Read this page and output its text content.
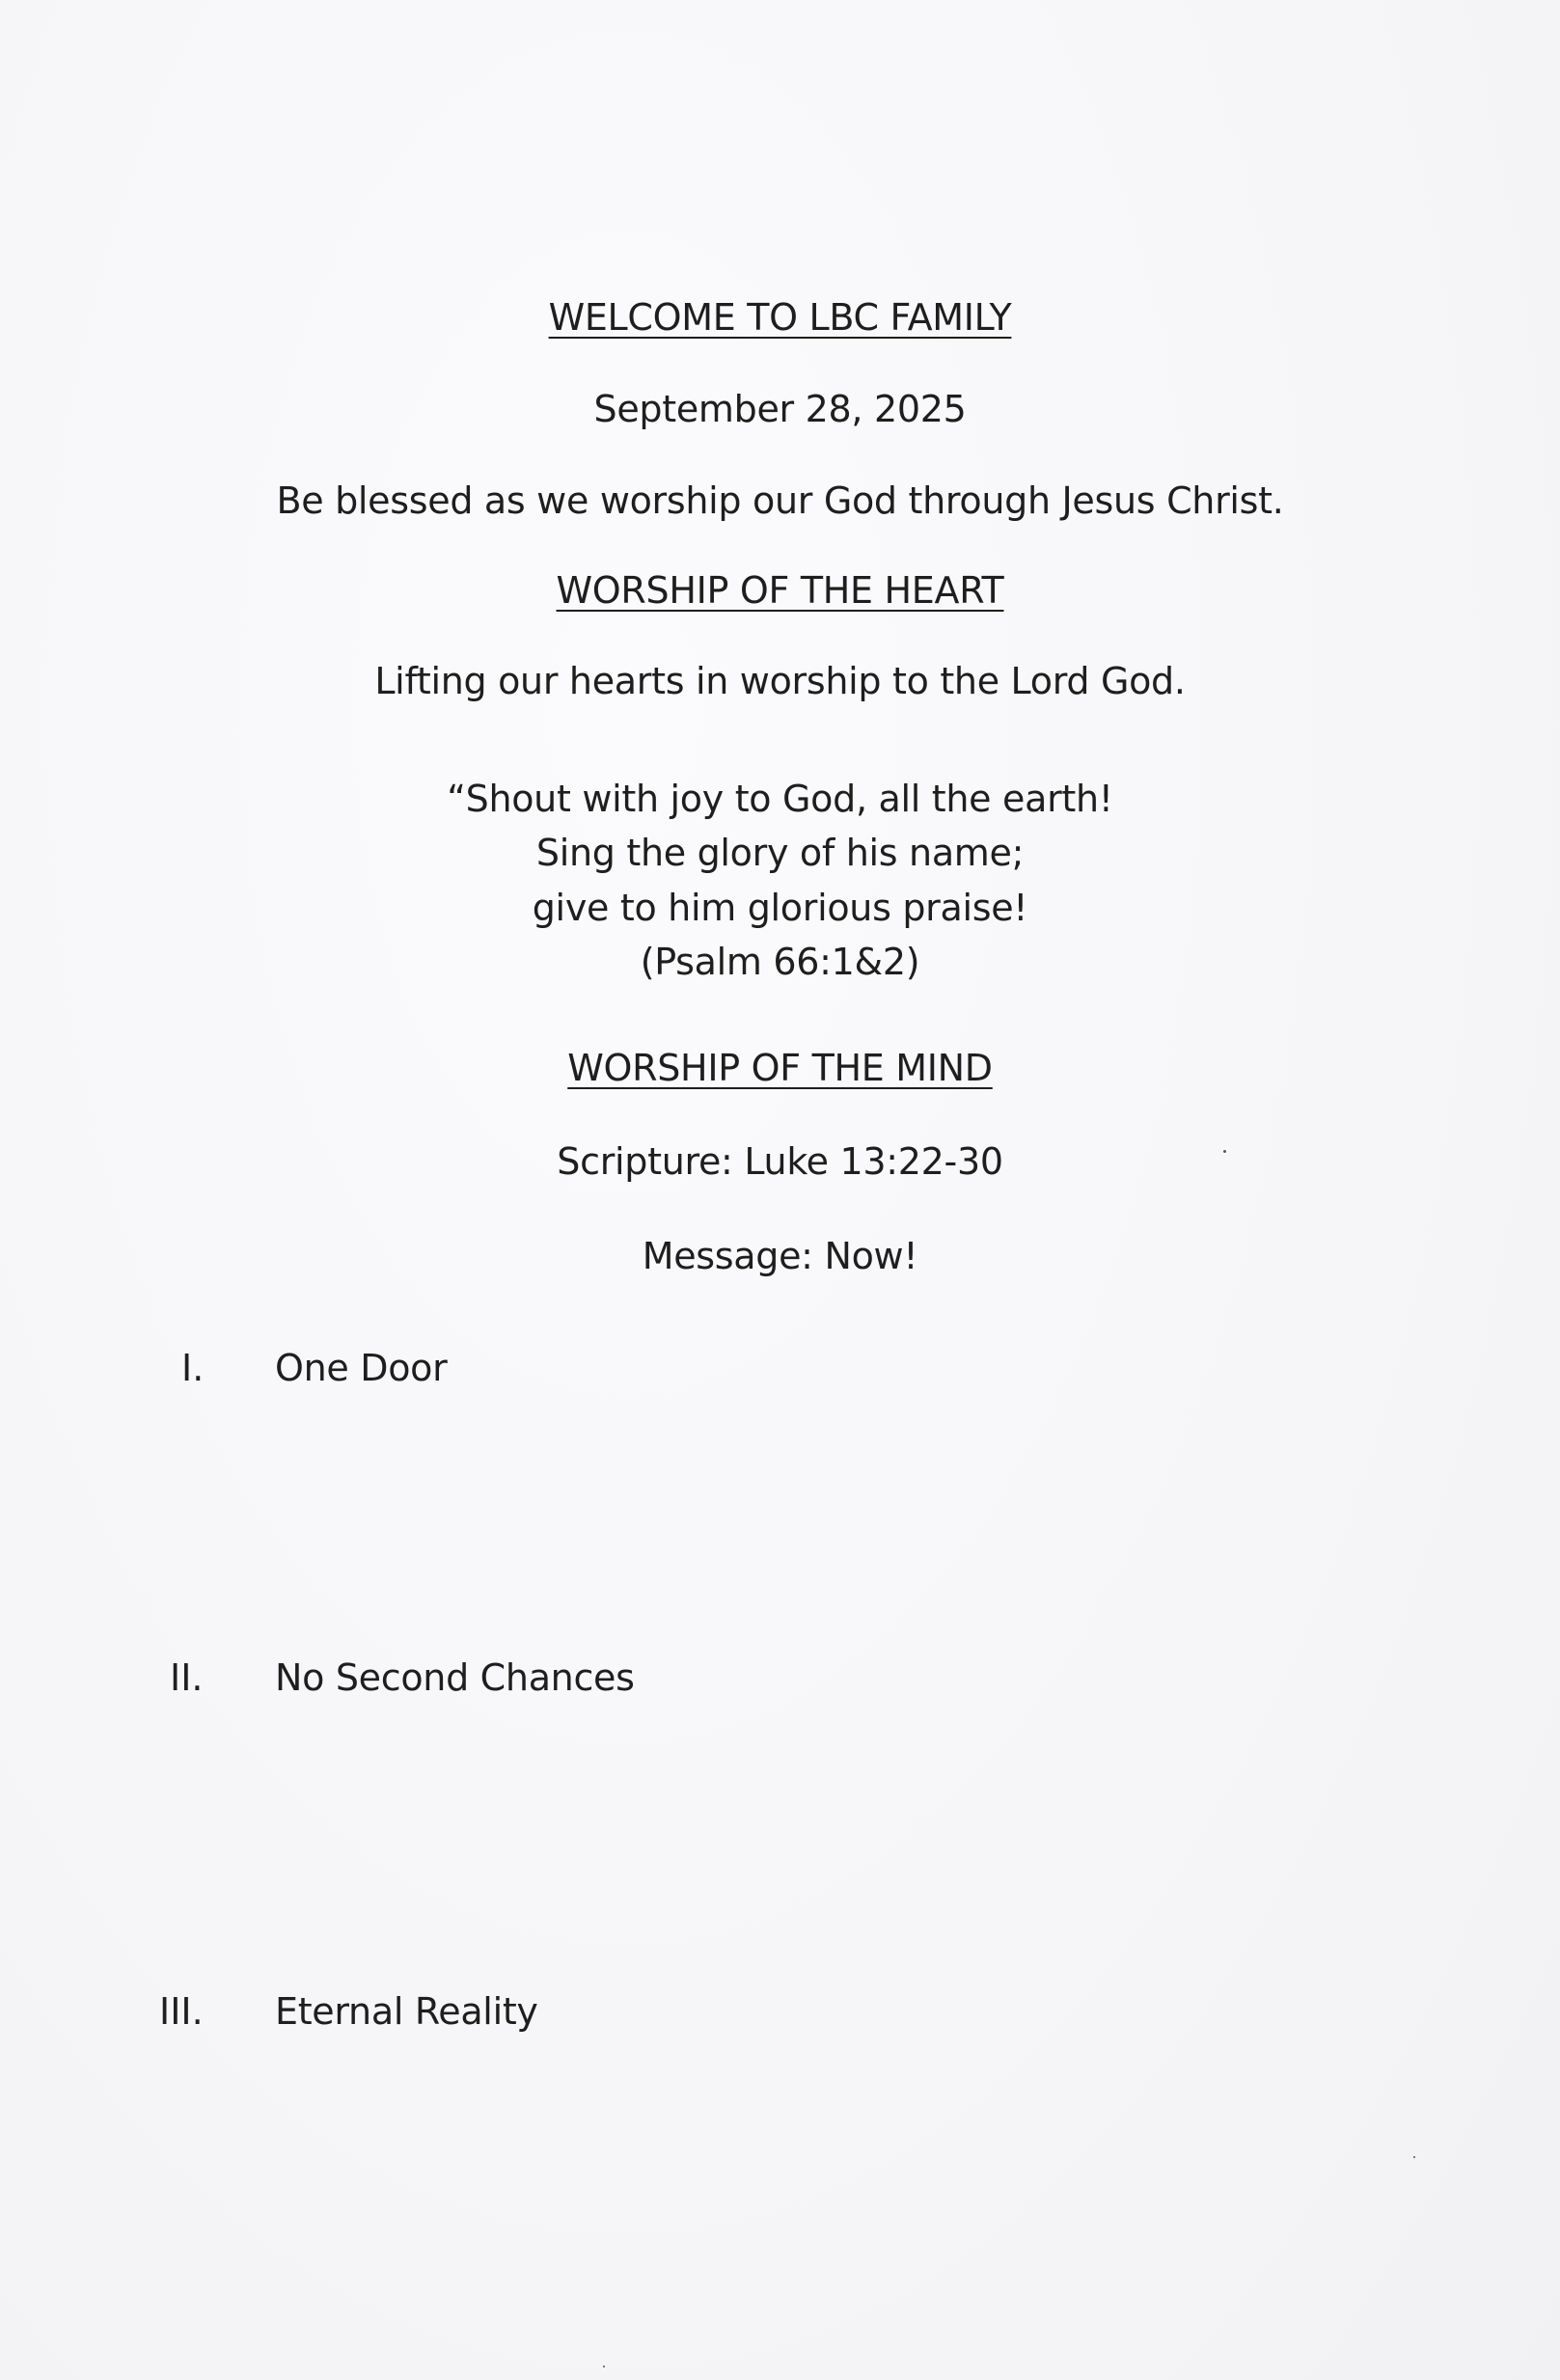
WELCOME TO LBC FAMILY
September 28, 2025
Be blessed as we worship our God through Jesus Christ.
WORSHIP OF THE HEART
Lifting our hearts in worship to the Lord God.
“Shout with joy to God, all the earth!
Sing the glory of his name;
give to him glorious praise!
(Psalm 66:1&2)
WORSHIP OF THE MIND
Scripture: Luke 13:22-30
Message: Now!
I. One Door
II. No Second Chances
III. Eternal Reality
